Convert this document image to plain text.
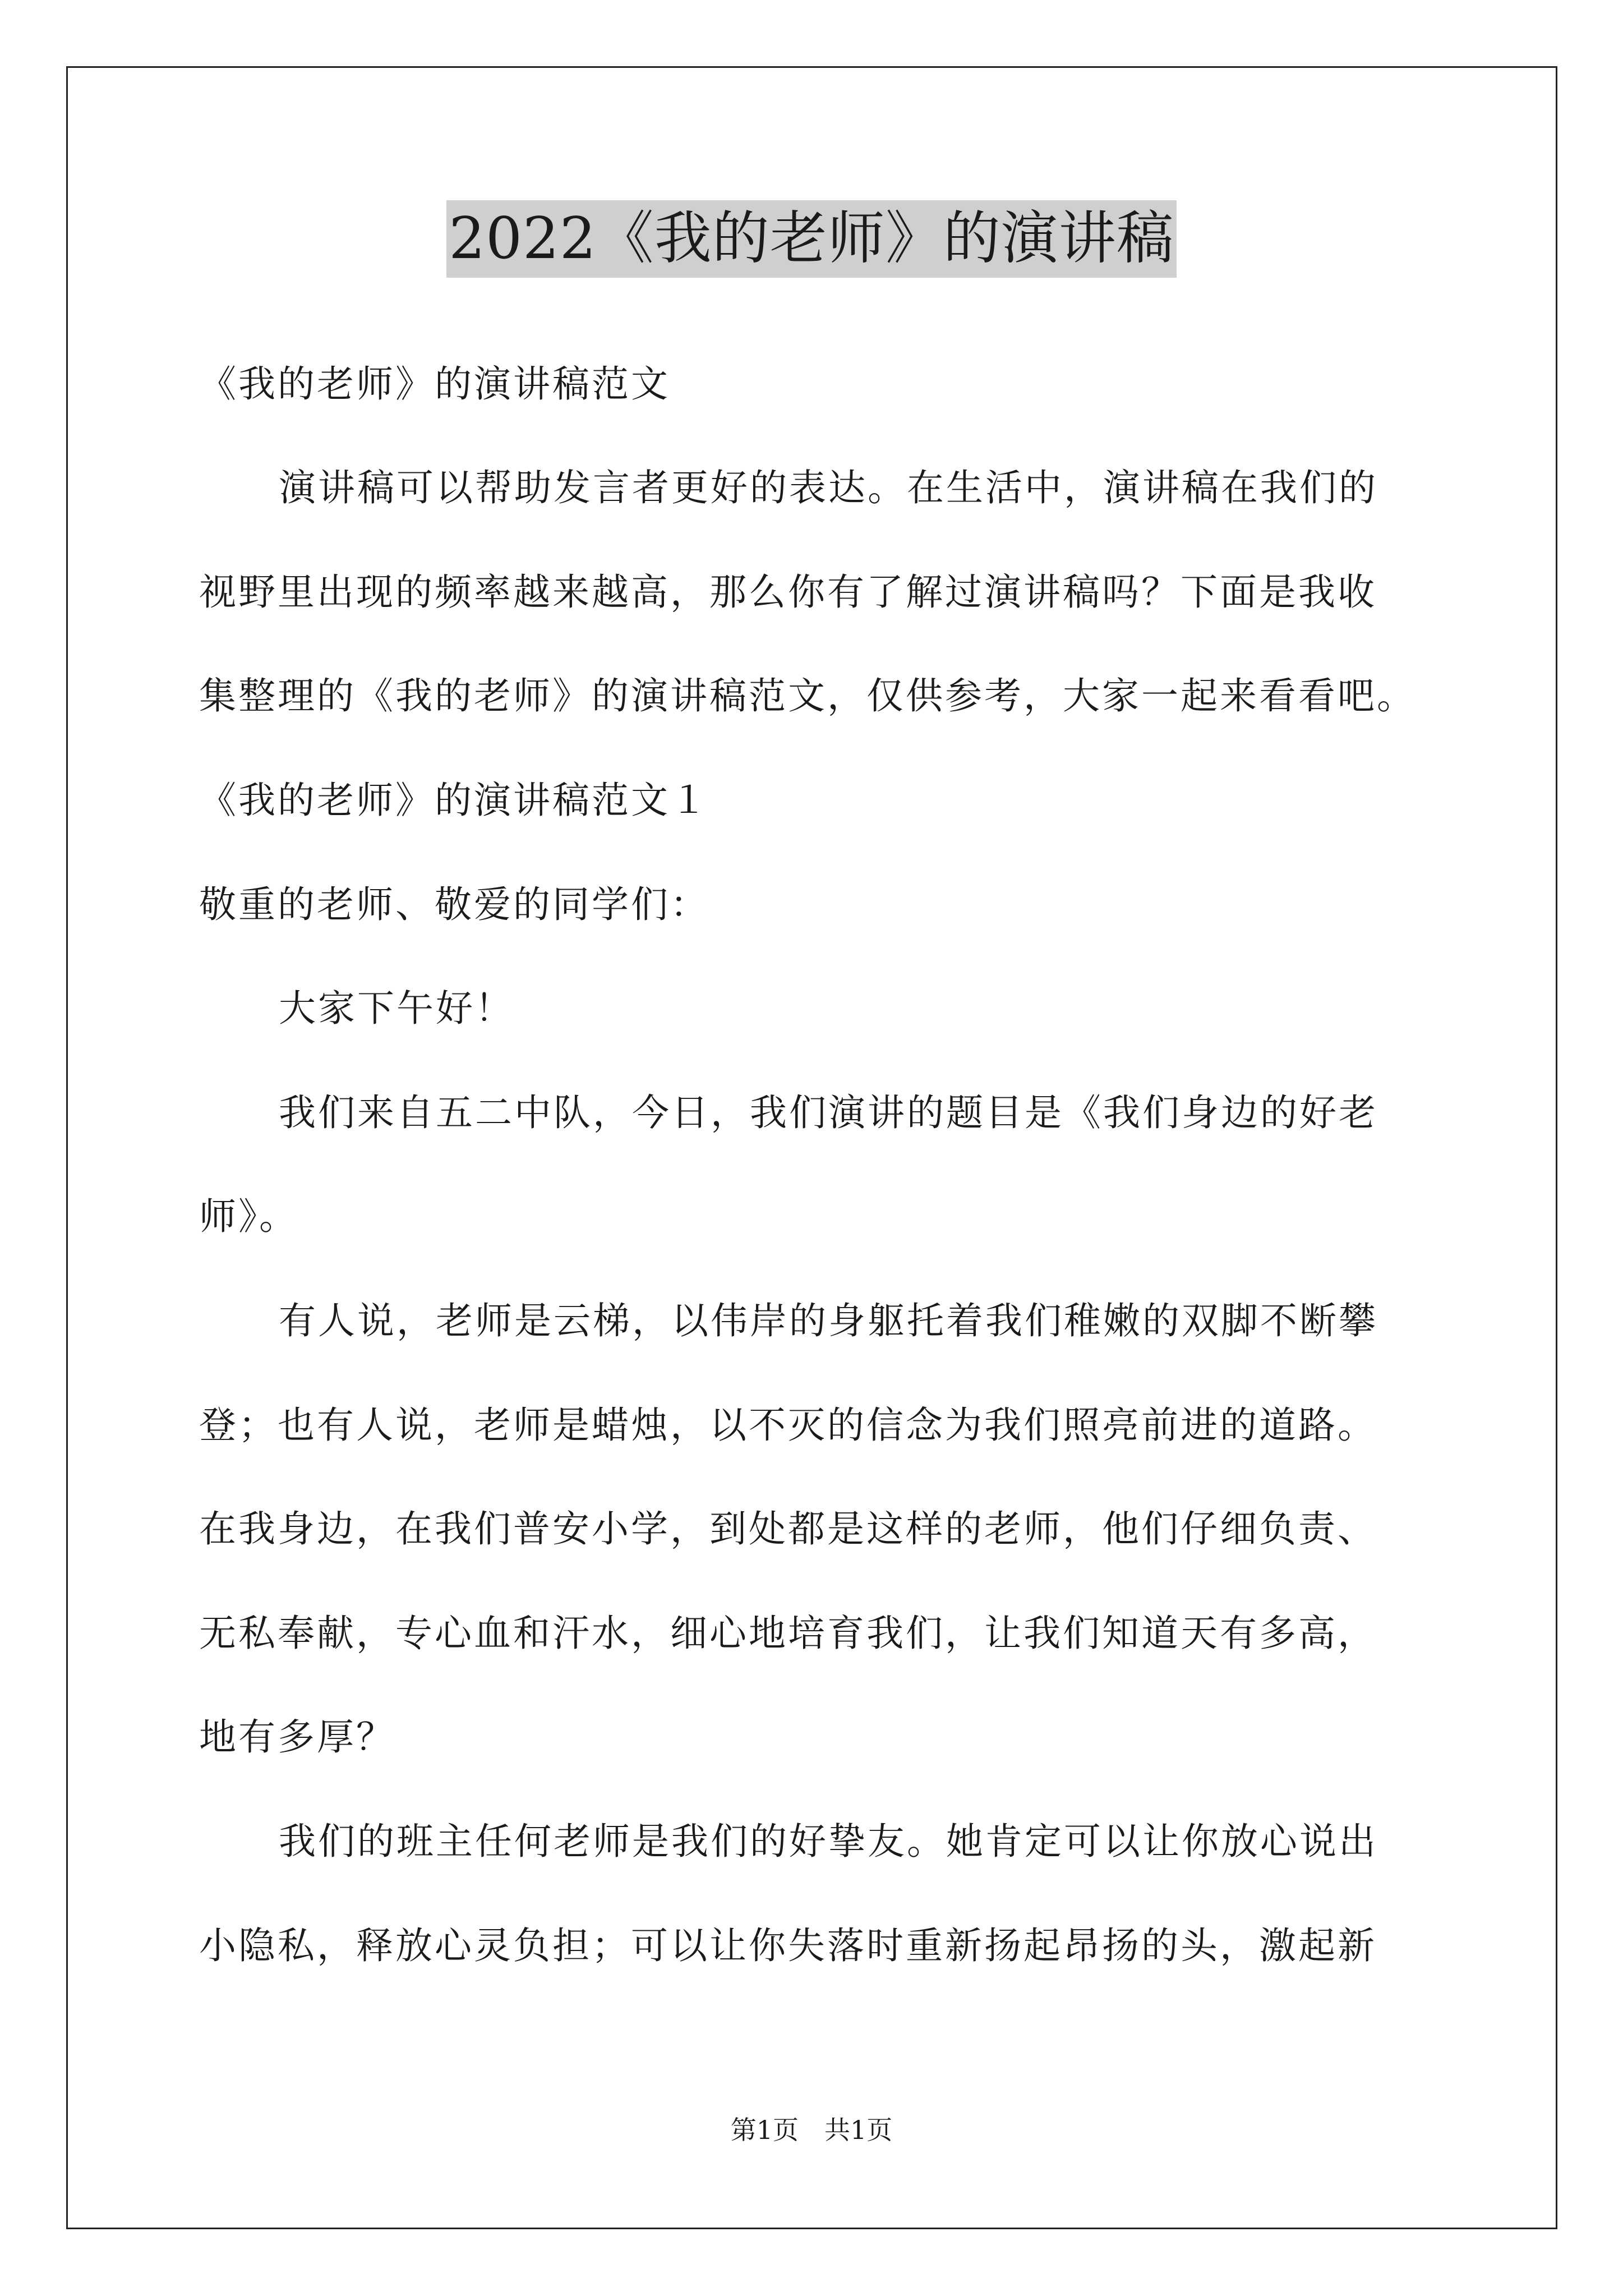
2022《我的老师》的演讲稿
《我的老师》的演讲稿范文
演讲稿可以帮助发言者更好的表达。在生活中，演讲稿在我们的
视野里出现的频率越来越高，那么你有了解过演讲稿吗？下面是我收
集整理的《我的老师》的演讲稿范文，仅供参考，大家一起来看看吧。
《我的老师》的演讲稿范文１
敬重的老师、敬爱的同学们：
大家下午好！
我们来自五二中队，今日，我们演讲的题目是《我们身边的好老
师》。
有人说，老师是云梯，以伟岸的身躯托着我们稚嫩的双脚不断攀
登；也有人说，老师是蜡烛，以不灭的信念为我们照亮前进的道路。
在我身边，在我们普安小学，到处都是这样的老师，他们仔细负责、
无私奉献，专心血和汗水，细心地培育我们，让我们知道天有多高，
地有多厚？
我们的班主任何老师是我们的好挚友。她肯定可以让你放心说出
小隐私，释放心灵负担；可以让你失落时重新扬起昂扬的头，激起新
第1页　共1页
